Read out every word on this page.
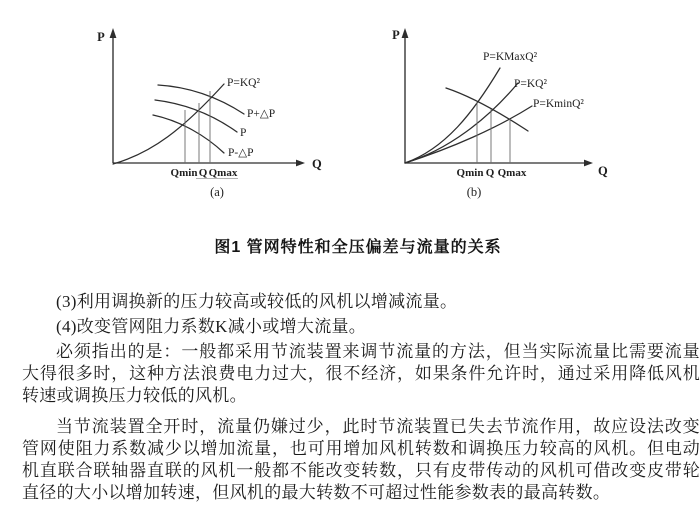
P
Q
P=KQ²
P+△P
P
P-△P
Qmin Q Qmax
(a)
P
Q
P=KMaxQ²
P=KQ²
P=KminQ²
Qmin Q Qmax
(b)
图1 管网特性和全压偏差与流量的关系
(3)利用调换新的压力较高或较低的风机以增减流量。
(4)改变管网阻力系数K减小或增大流量。
必须指出的是：一般都采用节流装置来调节流量的方法，但当实际流量比需要流量
大得很多时，这种方法浪费电力过大，很不经济，如果条件允许时，通过采用降低风机
转速或调换压力较低的风机。
当节流装置全开时，流量仍嫌过少，此时节流装置已失去节流作用，故应设法改变
管网使阻力系数减少以增加流量，也可用增加风机转数和调换压力较高的风机。但电动
机直联合联轴器直联的风机一般都不能改变转数，只有皮带传动的风机可借改变皮带轮
直径的大小以增加转速，但风机的最大转数不可超过性能参数表的最高转数。
